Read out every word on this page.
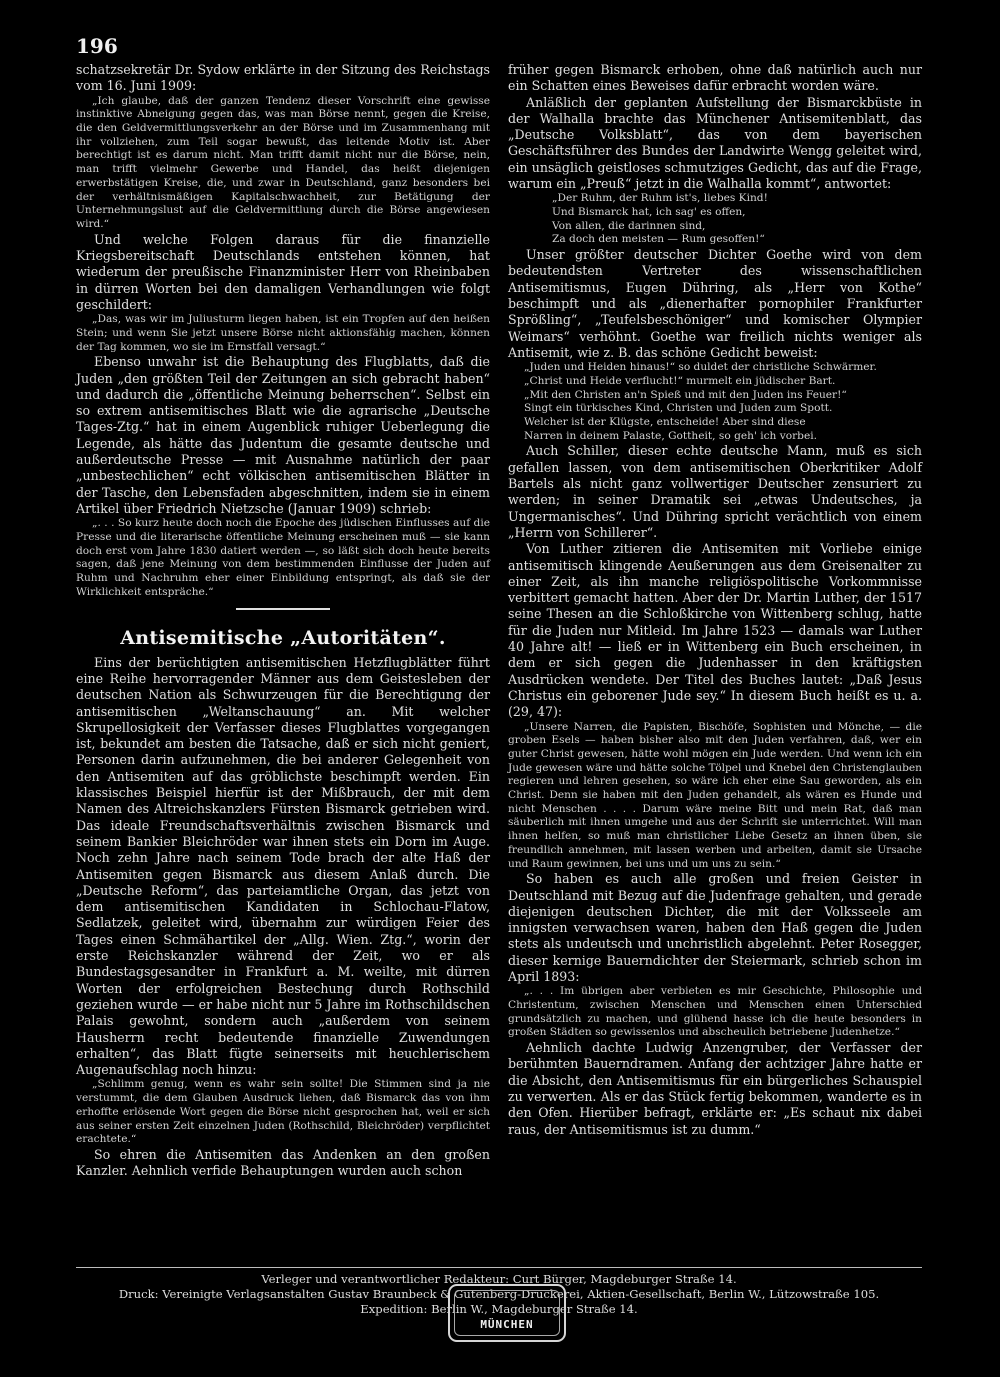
196

schatzsekretär Dr. Sydow erklärte in der Sitzung des Reichstags vom 16. Juni 1909:

„Ich glaube, daß der ganzen Tendenz dieser Vorschrift eine gewisse instinktive Abneigung gegen das, was man Börse nennt, gegen die Kreise, die den Geldvermittlungsverkehr an der Börse und im Zusammenhang mit ihr vollziehen, zum Teil sogar bewußt, das leitende Motiv ist. Aber berechtigt ist es darum nicht. Man trifft damit nicht nur die Börse, nein, man trifft vielmehr Gewerbe und Handel, das heißt diejenigen erwerbstätigen Kreise, die, und zwar in Deutschland, ganz besonders bei der verhältnismäßigen Kapitalschwachheit, zur Betätigung der Unternehmungslust auf die Geldvermittlung durch die Börse angewiesen wird.“

Und welche Folgen daraus für die finanzielle Kriegsbereitschaft Deutschlands entstehen können, hat wiederum der preußische Finanzminister Herr von Rheinbaben in dürren Worten bei den damaligen Verhandlungen wie folgt geschildert:

„Das, was wir im Juliusturm liegen haben, ist ein Tropfen auf den heißen Stein; und wenn Sie jetzt unsere Börse nicht aktionsfähig machen, können der Tag kommen, wo sie im Ernstfall versagt.“

Ebenso unwahr ist die Behauptung des Flugblatts, daß die Juden „den größten Teil der Zeitungen an sich gebracht haben“ und dadurch die „öffentliche Meinung beherrschen“. Selbst ein so extrem antisemitisches Blatt wie die agrarische „Deutsche Tages-Ztg.“ hat in einem Augenblick ruhiger Ueberlegung die Legende, als hätte das Judentum die gesamte deutsche und außerdeutsche Presse — mit Ausnahme natürlich der paar „unbestechlichen“ echt völkischen antisemitischen Blätter in der Tasche, den Lebensfaden abgeschnitten, indem sie in einem Artikel über Friedrich Nietzsche (Januar 1909) schrieb:

„. . . So kurz heute doch noch die Epoche des jüdischen Einflusses auf die Presse und die literarische öffentliche Meinung erscheinen muß — sie kann doch erst vom Jahre 1830 datiert werden —, so läßt sich doch heute bereits sagen, daß jene Meinung von dem bestimmenden Einflusse der Juden auf Ruhm und Nachruhm eher einer Einbildung entspringt, als daß sie der Wirklichkeit entspräche.“

Antisemitische „Autoritäten“.

Eins der berüchtigten antisemitischen Hetzflugblätter führt eine Reihe hervorragender Männer aus dem Geistesleben der deutschen Nation als Schwurzeugen für die Berechtigung der antisemitischen „Weltanschauung“ an. Mit welcher Skrupellosigkeit der Verfasser dieses Flugblattes vorgegangen ist, bekundet am besten die Tatsache, daß er sich nicht geniert, Personen darin aufzunehmen, die bei anderer Gelegenheit von den Antisemiten auf das gröblichste beschimpft werden. Ein klassisches Beispiel hierfür ist der Mißbrauch, der mit dem Namen des Altreichskanzlers Fürsten Bismarck getrieben wird. Das ideale Freundschaftsverhältnis zwischen Bismarck und seinem Bankier Bleichröder war ihnen stets ein Dorn im Auge. Noch zehn Jahre nach seinem Tode brach der alte Haß der Antisemiten gegen Bismarck aus diesem Anlaß durch. Die „Deutsche Reform“, das parteiamtliche Organ, das jetzt von dem antisemitischen Kandidaten in Schlochau-Flatow, Sedlatzek, geleitet wird, übernahm zur würdigen Feier des Tages einen Schmähartikel der „Allg. Wien. Ztg.“, worin der erste Reichskanzler während der Zeit, wo er als Bundestagsgesandter in Frankfurt a. M. weilte, mit dürren Worten der erfolgreichen Bestechung durch Rothschild geziehen wurde — er habe nicht nur 5 Jahre im Rothschildschen Palais gewohnt, sondern auch „außerdem von seinem Hausherrn recht bedeutende finanzielle Zuwendungen erhalten“, das Blatt fügte seinerseits mit heuchlerischem Augenaufschlag noch hinzu:

„Schlimm genug, wenn es wahr sein sollte! Die Stimmen sind ja nie verstummt, die dem Glauben Ausdruck liehen, daß Bismarck das von ihm erhoffte erlösende Wort gegen die Börse nicht gesprochen hat, weil er sich aus seiner ersten Zeit einzelnen Juden (Rothschild, Bleichröder) verpflichtet erachtete.“

So ehren die Antisemiten das Andenken an den großen Kanzler. Aehnlich verfide Behauptungen wurden auch schon

früher gegen Bismarck erhoben, ohne daß natürlich auch nur ein Schatten eines Beweises dafür erbracht worden wäre.

Anläßlich der geplanten Aufstellung der Bismarckbüste in der Walhalla brachte das Münchener Antisemitenblatt, das „Deutsche Volksblatt“, das von dem bayerischen Geschäftsführer des Bundes der Landwirte Wengg geleitet wird, ein unsäglich geistloses schmutziges Gedicht, das auf die Frage, warum ein „Preuß“ jetzt in die Walhalla kommt“, antwortet:

„Der Ruhm, der Ruhm ist's, liebes Kind!
Und Bismarck hat, ich sag' es offen,
Von allen, die darinnen sind,
Za doch den meisten — Rum gesoffen!“

Unser größter deutscher Dichter Goethe wird von dem bedeutendsten Vertreter des wissenschaftlichen Antisemitismus, Eugen Dühring, als „Herr von Kothe“ beschimpft und als „dienerhafter pornophiler Frankfurter Sprößling“, „Teufelsbeschöniger“ und komischer Olympier Weimars“ verhöhnt. Goethe war freilich nichts weniger als Antisemit, wie z. B. das schöne Gedicht beweist:

„Juden und Heiden hinaus!“ so duldet der christliche Schwärmer.
„Christ und Heide verflucht!“ murmelt ein jüdischer Bart.
„Mit den Christen an'n Spieß und mit den Juden ins Feuer!“
Singt ein türkisches Kind, Christen und Juden zum Spott.
Welcher ist der Klügste, entscheide! Aber sind diese
Narren in deinem Palaste, Gottheit, so geh' ich vorbei.

Auch Schiller, dieser echte deutsche Mann, muß es sich gefallen lassen, von dem antisemitischen Oberkritiker Adolf Bartels als nicht ganz vollwertiger Deutscher zensuriert zu werden; in seiner Dramatik sei „etwas Undeutsches, ja Ungermanisches“. Und Dühring spricht verächtlich von einem „Herrn von Schillerer“.

Von Luther zitieren die Antisemiten mit Vorliebe einige antisemitisch klingende Aeußerungen aus dem Greisenalter zu einer Zeit, als ihn manche religiöspolitische Vorkommnisse verbittert gemacht hatten. Aber der Dr. Martin Luther, der 1517 seine Thesen an die Schloßkirche von Wittenberg schlug, hatte für die Juden nur Mitleid. Im Jahre 1523 — damals war Luther 40 Jahre alt! — ließ er in Wittenberg ein Buch erscheinen, in dem er sich gegen die Judenhasser in den kräftigsten Ausdrücken wendete. Der Titel des Buches lautet: „Daß Jesus Christus ein geborener Jude sey.“ In diesem Buch heißt es u. a. (29, 47):

„Unsere Narren, die Papisten, Bischöfe, Sophisten und Mönche, — die groben Esels — haben bisher also mit den Juden verfahren, daß, wer ein guter Christ gewesen, hätte wohl mögen ein Jude werden. Und wenn ich ein Jude gewesen wäre und hätte solche Tölpel und Knebel den Christenglauben regieren und lehren gesehen, so wäre ich eher eine Sau geworden, als ein Christ. Denn sie haben mit den Juden gehandelt, als wären es Hunde und nicht Menschen . . . . Darum wäre meine Bitt und mein Rat, daß man säuberlich mit ihnen umgehe und aus der Schrift sie unterrichtet. Will man ihnen helfen, so muß man christlicher Liebe Gesetz an ihnen üben, sie freundlich annehmen, mit lassen werben und arbeiten, damit sie Ursache und Raum gewinnen, bei uns und um uns zu sein.“

So haben es auch alle großen und freien Geister in Deutschland mit Bezug auf die Judenfrage gehalten, und gerade diejenigen deutschen Dichter, die mit der Volksseele am innigsten verwachsen waren, haben den Haß gegen die Juden stets als undeutsch und unchristlich abgelehnt. Peter Rosegger, dieser kernige Bauerndichter der Steiermark, schrieb schon im April 1893:

„. . . Im übrigen aber verbieten es mir Geschichte, Philosophie und Christentum, zwischen Menschen und Menschen einen Unterschied grundsätzlich zu machen, und glühend hasse ich die heute besonders in großen Städten so gewissenlos und abscheulich betriebene Judenhetze.“

Aehnlich dachte Ludwig Anzengruber, der Verfasser der berühmten Bauerndramen. Anfang der achtziger Jahre hatte er die Absicht, den Antisemitismus für ein bürgerliches Schauspiel zu verwerten. Als er das Stück fertig bekommen, wanderte es in den Ofen. Hierüber befragt, erklärte er: „Es schaut nix dabei raus, der Antisemitismus ist zu dumm.“

Verleger und verantwortlicher Redakteur: Curt Bürger, Magdeburger Straße 14.
Druck: Vereinigte Verlagsanstalten Gustav Braunbeck & Gutenberg-Druckerei, Aktien-Gesellschaft, Berlin W., Lützowstraße 105.
Expedition: Berlin W., Magdeburger Straße 14.
MÜNCHEN
